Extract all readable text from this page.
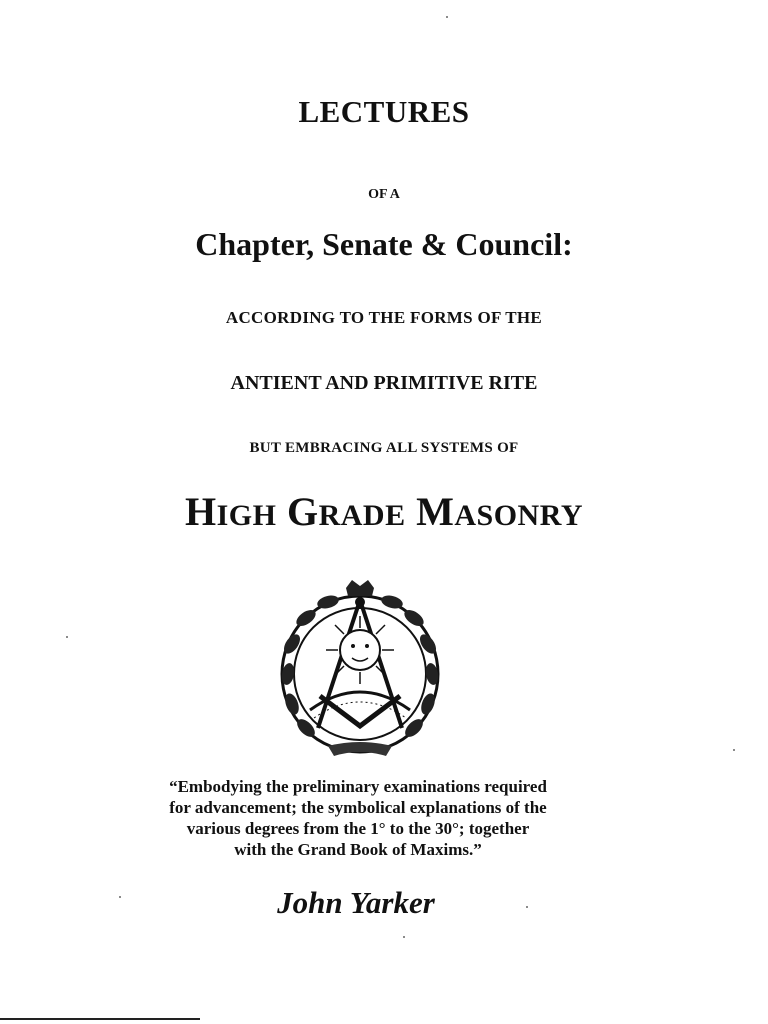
LECTURES
OF A
Chapter, Senate & Council:
ACCORDING TO THE FORMS OF THE
ANTIENT AND PRIMITIVE RITE
BUT EMBRACING ALL SYSTEMS OF
HIGH GRADE MASONRY
“Embodying the preliminary examinations required
for advancement; the symbolical explanations of the
various degrees from the 1° to the 30°; together
with the Grand Book of Maxims.”
John Yarker
